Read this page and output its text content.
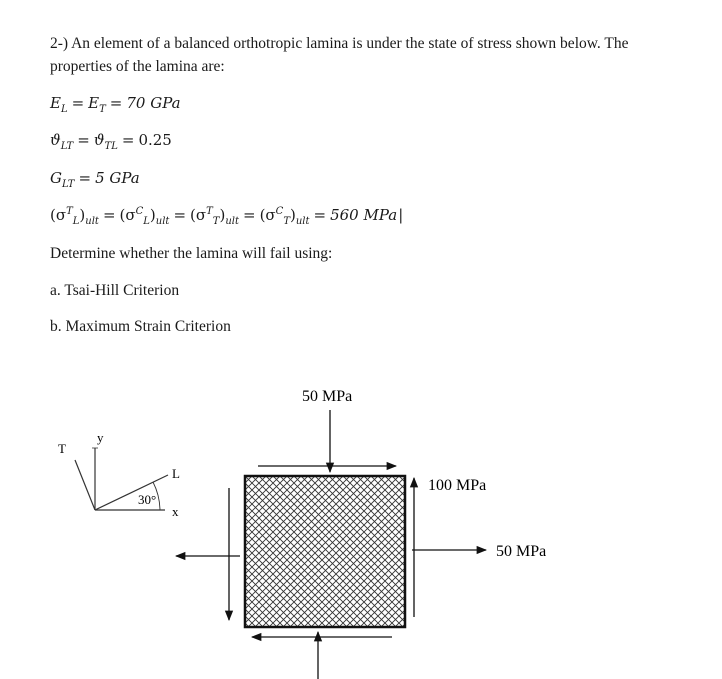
2-) An element of a balanced orthotropic lamina is under the state of stress shown below. The
properties of the lamina are:
$E_L = E_T = 70$ GPa
$ϑ_{LT} = ϑ_{TL} = 0.25$
$G_{LT} = 5$ GPa
$(\sigma^T_L)_{ult} = (\sigma^C_L)_{ult} = (\sigma^T_T)_{ult} = (\sigma^C_T)_{ult} = 560$ MPa |
Determine whether the lamina will fail using:
a. Tsai-Hill Criterion
b. Maximum Strain Criterion
T
y
L
x
30°
50 MPa
100 MPa
50 MPa
